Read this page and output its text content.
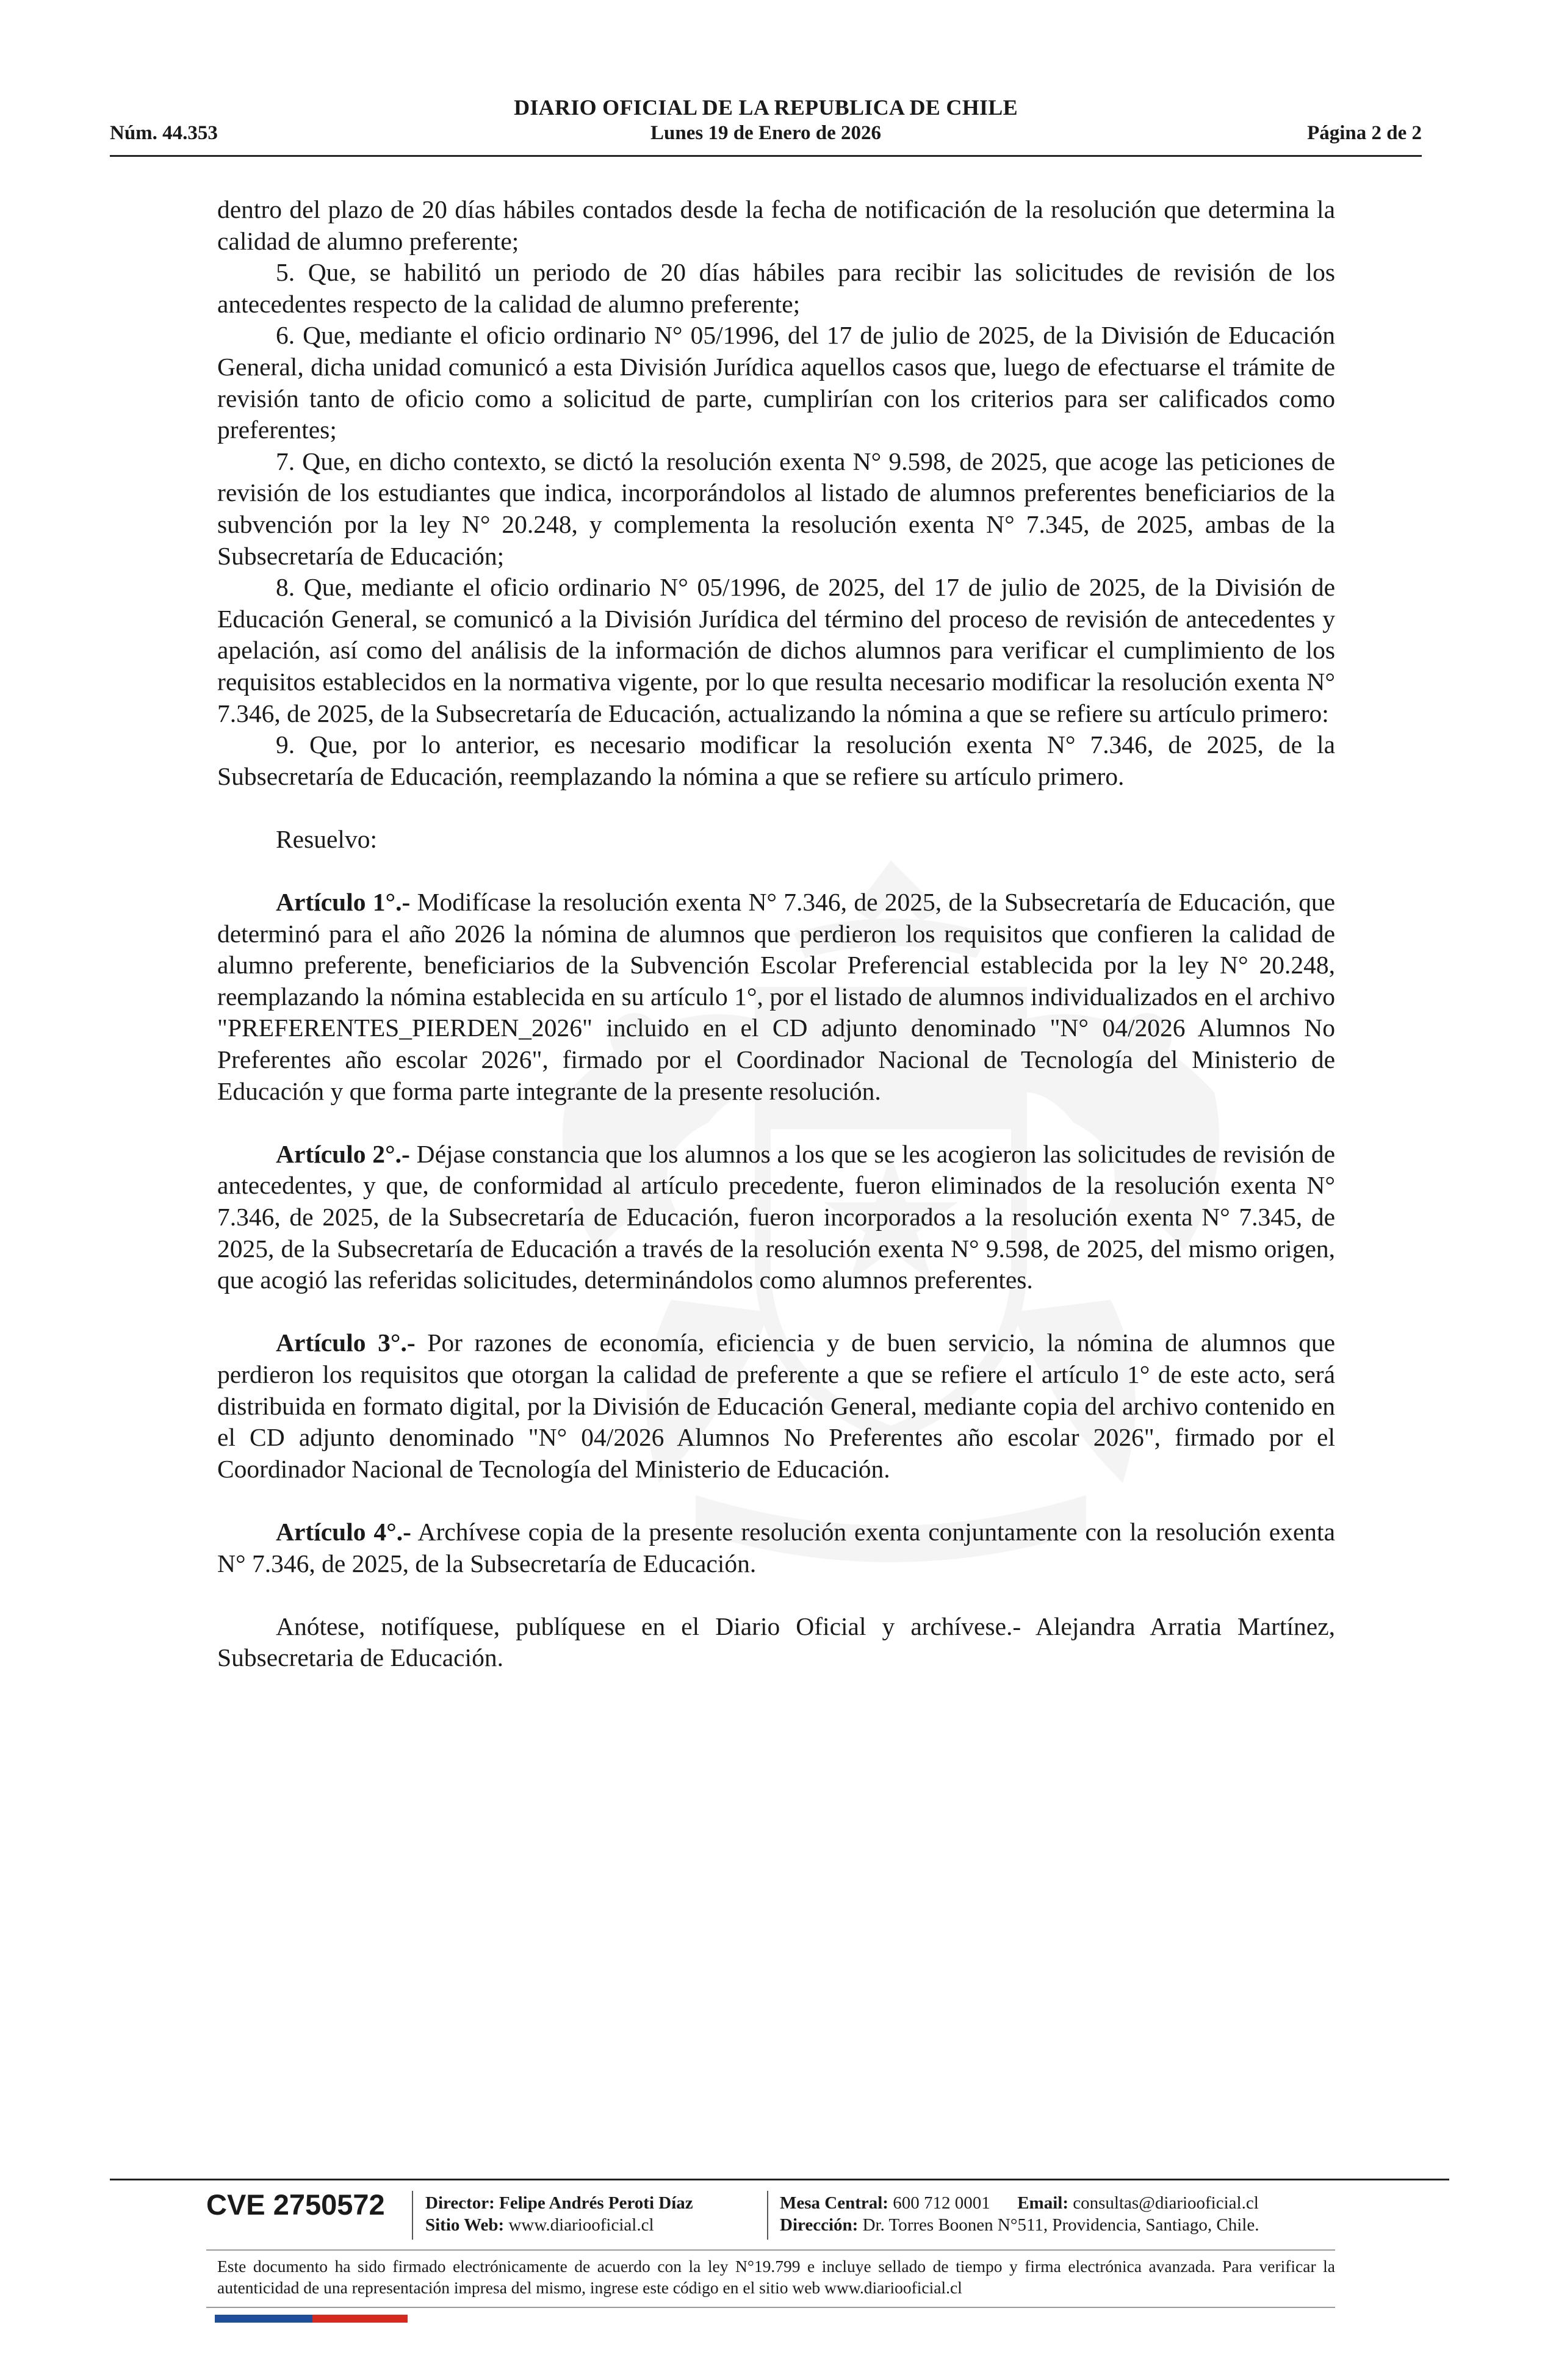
DIARIO OFICIAL DE LA REPUBLICA DE CHILE
Núm. 44.353	Lunes 19 de Enero de 2026	Página 2 de 2

dentro del plazo de 20 días hábiles contados desde la fecha de notificación de la resolución que determina la calidad de alumno preferente;

5. Que, se habilitó un periodo de 20 días hábiles para recibir las solicitudes de revisión de los antecedentes respecto de la calidad de alumno preferente;

6. Que, mediante el oficio ordinario N° 05/1996, del 17 de julio de 2025, de la División de Educación General, dicha unidad comunicó a esta División Jurídica aquellos casos que, luego de efectuarse el trámite de revisión tanto de oficio como a solicitud de parte, cumplirían con los criterios para ser calificados como preferentes;

7. Que, en dicho contexto, se dictó la resolución exenta N° 9.598, de 2025, que acoge las peticiones de revisión de los estudiantes que indica, incorporándolos al listado de alumnos preferentes beneficiarios de la subvención por la ley N° 20.248, y complementa la resolución exenta N° 7.345, de 2025, ambas de la Subsecretaría de Educación;

8. Que, mediante el oficio ordinario N° 05/1996, de 2025, del 17 de julio de 2025, de la División de Educación General, se comunicó a la División Jurídica del término del proceso de revisión de antecedentes y apelación, así como del análisis de la información de dichos alumnos para verificar el cumplimiento de los requisitos establecidos en la normativa vigente, por lo que resulta necesario modificar la resolución exenta N° 7.346, de 2025, de la Subsecretaría de Educación, actualizando la nómina a que se refiere su artículo primero:

9. Que, por lo anterior, es necesario modificar la resolución exenta N° 7.346, de 2025, de la Subsecretaría de Educación, reemplazando la nómina a que se refiere su artículo primero.

Resuelvo:

Artículo 1°.- Modifícase la resolución exenta N° 7.346, de 2025, de la Subsecretaría de Educación, que determinó para el año 2026 la nómina de alumnos que perdieron los requisitos que confieren la calidad de alumno preferente, beneficiarios de la Subvención Escolar Preferencial establecida por la ley N° 20.248, reemplazando la nómina establecida en su artículo 1°, por el listado de alumnos individualizados en el archivo "PREFERENTES_PIERDEN_2026" incluido en el CD adjunto denominado "N° 04/2026 Alumnos No Preferentes año escolar 2026", firmado por el Coordinador Nacional de Tecnología del Ministerio de Educación y que forma parte integrante de la presente resolución.

Artículo 2°.- Déjase constancia que los alumnos a los que se les acogieron las solicitudes de revisión de antecedentes, y que, de conformidad al artículo precedente, fueron eliminados de la resolución exenta N° 7.346, de 2025, de la Subsecretaría de Educación, fueron incorporados a la resolución exenta N° 7.345, de 2025, de la Subsecretaría de Educación a través de la resolución exenta N° 9.598, de 2025, del mismo origen, que acogió las referidas solicitudes, determinándolos como alumnos preferentes.

Artículo 3°.- Por razones de economía, eficiencia y de buen servicio, la nómina de alumnos que perdieron los requisitos que otorgan la calidad de preferente a que se refiere el artículo 1° de este acto, será distribuida en formato digital, por la División de Educación General, mediante copia del archivo contenido en el CD adjunto denominado "N° 04/2026 Alumnos No Preferentes año escolar 2026", firmado por el Coordinador Nacional de Tecnología del Ministerio de Educación.

Artículo 4°.- Archívese copia de la presente resolución exenta conjuntamente con la resolución exenta N° 7.346, de 2025, de la Subsecretaría de Educación.

Anótese, notifíquese, publíquese en el Diario Oficial y archívese.- Alejandra Arratia Martínez, Subsecretaria de Educación.

CVE 2750572 Director: Felipe Andrés Peroti Díaz
Sitio Web: www.diariooficial.cl
Mesa Central: 600 712 0001 Email: consultas@diariooficial.cl
Dirección: Dr. Torres Boonen N°511, Providencia, Santiago, Chile.
Este documento ha sido firmado electrónicamente de acuerdo con la ley N°19.799 e incluye sellado de tiempo y firma electrónica avanzada. Para verificar la autenticidad de una representación impresa del mismo, ingrese este código en el sitio web www.diariooficial.cl
